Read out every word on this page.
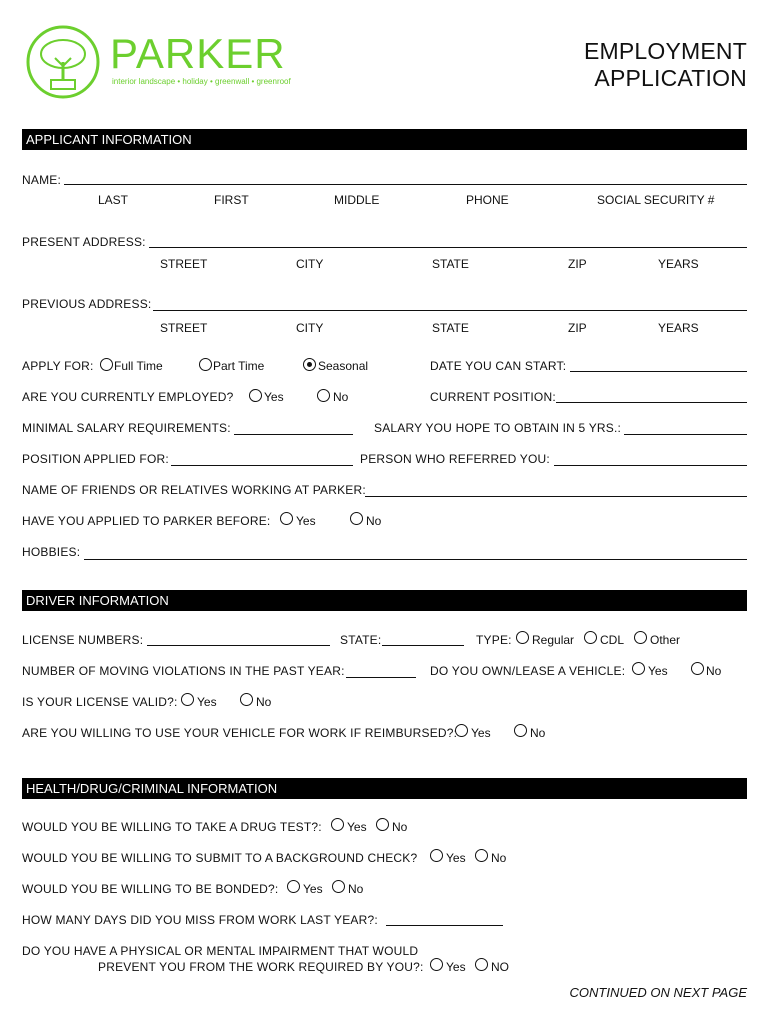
PARKER
interior landscape • holiday • greenwall • greenroof
EMPLOYMENT
APPLICATION
APPLICANT INFORMATION
NAME:
LAST	FIRST	MIDDLE	PHONE	SOCIAL SECURITY #
PRESENT ADDRESS:
STREET	CITY	STATE	ZIP	YEARS
PREVIOUS ADDRESS:
STREET	CITY	STATE	ZIP	YEARS
APPLY FOR: Full Time	Part Time	Seasonal	DATE YOU CAN START:
ARE YOU CURRENTLY EMPLOYED?	Yes	No	CURRENT POSITION:
MINIMAL SALARY REQUIREMENTS:	SALARY YOU HOPE TO OBTAIN IN 5 YRS.:
POSITION APPLIED FOR:	PERSON WHO REFERRED YOU:
NAME OF FRIENDS OR RELATIVES WORKING AT PARKER:
HAVE YOU APPLIED TO PARKER BEFORE: Yes	No
HOBBIES:
DRIVER INFORMATION
LICENSE NUMBERS:	STATE:	TYPE: Regular CDL Other
NUMBER OF MOVING VIOLATIONS IN THE PAST YEAR:	DO YOU OWN/LEASE A VEHICLE: Yes	No
IS YOUR LICENSE VALID?: Yes	No
ARE YOU WILLING TO USE YOUR VEHICLE FOR WORK IF REIMBURSED?: Yes	No
HEALTH/DRUG/CRIMINAL INFORMATION
WOULD YOU BE WILLING TO TAKE A DRUG TEST?: Yes No
WOULD YOU BE WILLING TO SUBMIT TO A BACKGROUND CHECK? Yes No
WOULD YOU BE WILLING TO BE BONDED?: Yes No
HOW MANY DAYS DID YOU MISS FROM WORK LAST YEAR?:
DO YOU HAVE A PHYSICAL OR MENTAL IMPAIRMENT THAT WOULD
PREVENT YOU FROM THE WORK REQUIRED BY YOU?: Yes NO
CONTINUED ON NEXT PAGE
